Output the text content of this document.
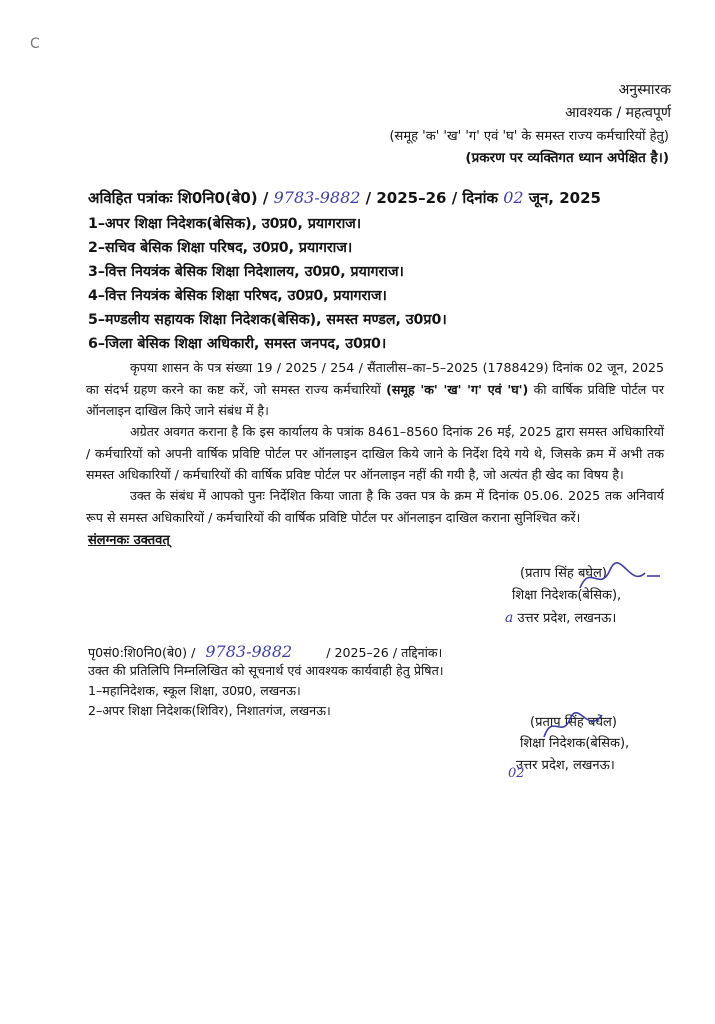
C
अनुस्मारक
आवश्यक / महत्वपूर्ण
(समूह 'क' 'ख' 'ग' एवं 'घ' के समस्त राज्य कर्मचारियों हेतु)
(प्रकरण पर व्यक्तिगत ध्यान अपेक्षित है।)
अविहित पत्रांकः शि0नि0(बे0) / 9783-9882 / 2025–26 / दिनांक 02 जून, 2025
1–अपर शिक्षा निदेशक(बेसिक), उ0प्र0, प्रयागराज।
2–सचिव बेसिक शिक्षा परिषद, उ0प्र0, प्रयागराज।
3–वित्त नियत्रंक बेसिक शिक्षा निदेशालय, उ0प्र0, प्रयागराज।
4–वित्त नियत्रंक बेसिक शिक्षा परिषद, उ0प्र0, प्रयागराज।
5–मण्डलीय सहायक शिक्षा निदेशक(बेसिक), समस्त मण्डल, उ0प्र0।
6–जिला बेसिक शिक्षा अधिकारी, समस्त जनपद, उ0प्र0।
कृपया शासन के पत्र संख्या 19 / 2025 / 254 / सैंतालीस–का–5–2025 (1788429) दिनांक 02 जून, 2025 का संदर्भ ग्रहण करने का कष्ट करें, जो समस्त राज्य कर्मचारियों (समूह 'क' 'ख' 'ग' एवं 'घ') की वार्षिक प्रविष्टि पोर्टल पर ऑनलाइन दाखिल किऐ जाने संबंध में है।
अग्रेतर अवगत कराना है कि इस कार्यालय के पत्रांक 8461–8560 दिनांक 26 मई, 2025 द्वारा समस्त अधिकारियों / कर्मचारियों को अपनी वार्षिक प्रविष्टि पोर्टल पर ऑनलाइन दाखिल किये जाने के निर्देश दिये गये थे, जिसके क्रम में अभी तक समस्त अधिकारियों / कर्मचारियों की वार्षिक प्रविष्ट पोर्टल पर ऑनलाइन नहीं की गयी है, जो अत्यंत ही खेद का विषय है।
उक्त के संबंध में आपको पुनः निर्देशित किया जाता है कि उक्त पत्र के क्रम में दिनांक 05.06. 2025 तक अनिवार्य रूप से समस्त अधिकारियों / कर्मचारियों की वार्षिक प्रविष्टि पोर्टल पर ऑनलाइन दाखिल कराना सुनिश्चित करें।
संलग्नकः उक्तवत्
(प्रताप सिंह बघेल)
शिक्षा निदेशक(बेसिक),
a उत्तर प्रदेश, लखनऊ।
पृ0सं0:शि0नि0(बे0) / 9783-9882	/ 2025–26 / तद्दिनांक।
उक्त की प्रतिलिपि निम्नलिखित को सूचनार्थ एवं आवश्यक कार्यवाही हेतु प्रेषित।
1–महानिदेशक, स्कूल शिक्षा, उ0प्र0, लखनऊ।
2–अपर शिक्षा निदेशक(शिविर), निशातगंज, लखनऊ।
(प्रताप सिंह बघेल)
शिक्षा निदेशक(बेसिक),
उत्तर प्रदेश, लखनऊ।
02
